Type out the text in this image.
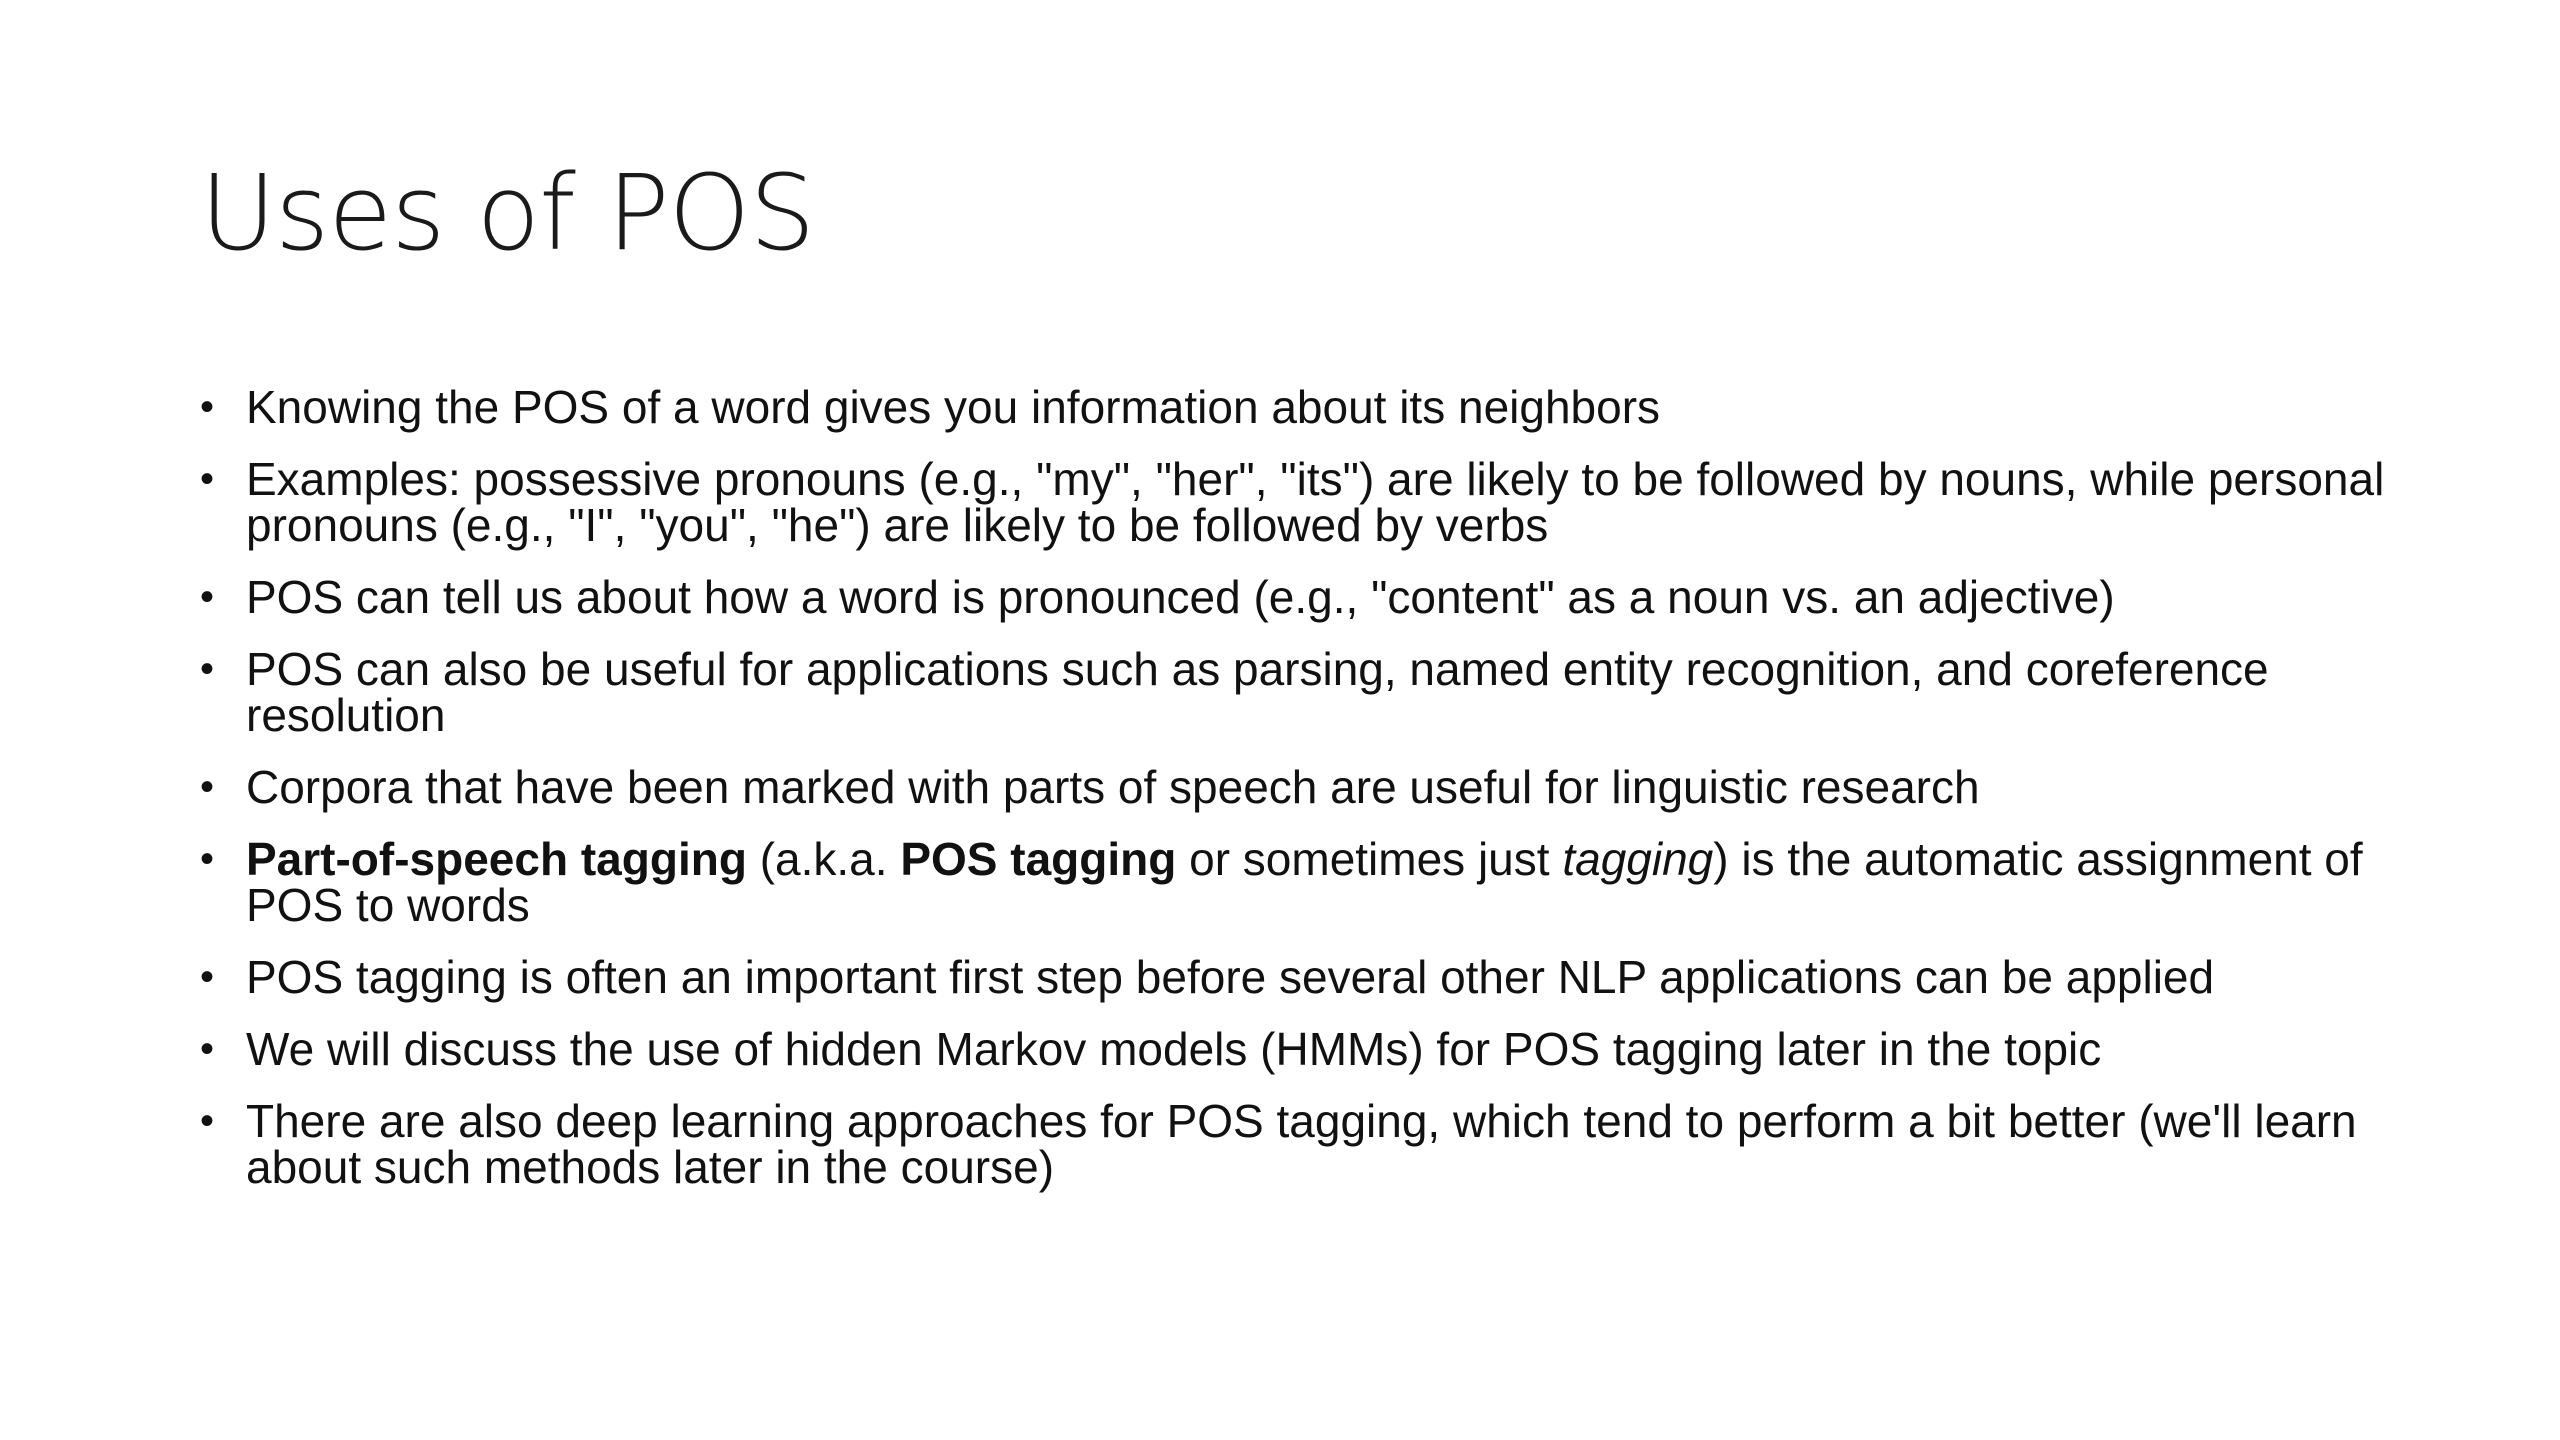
Uses of POS
• Knowing the POS of a word gives you information about its neighbors
• Examples: possessive pronouns (e.g., "my", "her", "its") are likely to be followed by nouns, while personal pronouns (e.g., "I", "you", "he") are likely to be followed by verbs
• POS can tell us about how a word is pronounced (e.g., "content" as a noun vs. an adjective)
• POS can also be useful for applications such as parsing, named entity recognition, and coreference resolution
• Corpora that have been marked with parts of speech are useful for linguistic research
• Part-of-speech tagging (a.k.a. POS tagging or sometimes just tagging) is the automatic assignment of POS to words
• POS tagging is often an important first step before several other NLP applications can be applied
• We will discuss the use of hidden Markov models (HMMs) for POS tagging later in the topic
• There are also deep learning approaches for POS tagging, which tend to perform a bit better (we'll learn about such methods later in the course)
